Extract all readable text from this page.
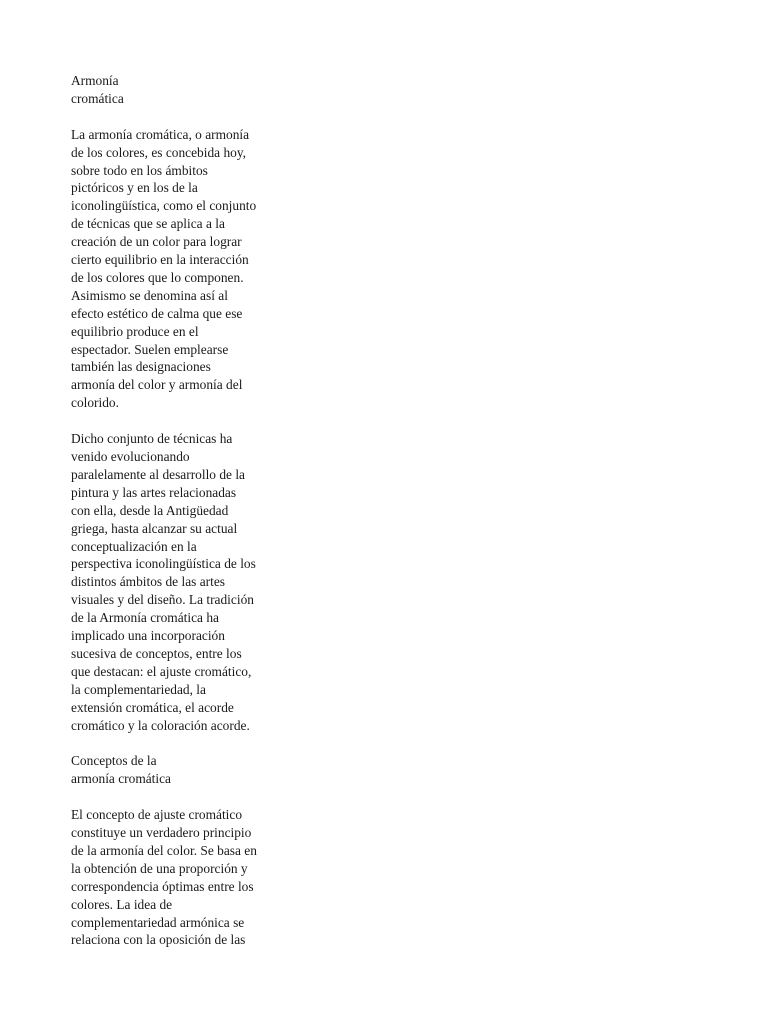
Armonía
cromática
La armonía cromática, o armonía
de los colores, es concebida hoy,
sobre todo en los ámbitos
pictóricos y en los de la
iconolingüística, como el conjunto
de técnicas que se aplica a la
creación de un color para lograr
cierto equilibrio en la interacción
de los colores que lo componen.
Asimismo se denomina así al
efecto estético de calma que ese
equilibrio produce en el
espectador. Suelen emplearse
también las designaciones
armonía del color y armonía del
colorido.
Dicho conjunto de técnicas ha
venido evolucionando
paralelamente al desarrollo de la
pintura y las artes relacionadas
con ella, desde la Antigüedad
griega, hasta alcanzar su actual
conceptualización en la
perspectiva iconolingüística de los
distintos ámbitos de las artes
visuales y del diseño. La tradición
de la Armonía cromática ha
implicado una incorporación
sucesiva de conceptos, entre los
que destacan: el ajuste cromático,
la complementariedad, la
extensión cromática, el acorde
cromático y la coloración acorde.
Conceptos de la
armonía cromática
El concepto de ajuste cromático
constituye un verdadero principio
de la armonía del color. Se basa en
la obtención de una proporción y
correspondencia óptimas entre los
colores. La idea de
complementariedad armónica se
relaciona con la oposición de las
